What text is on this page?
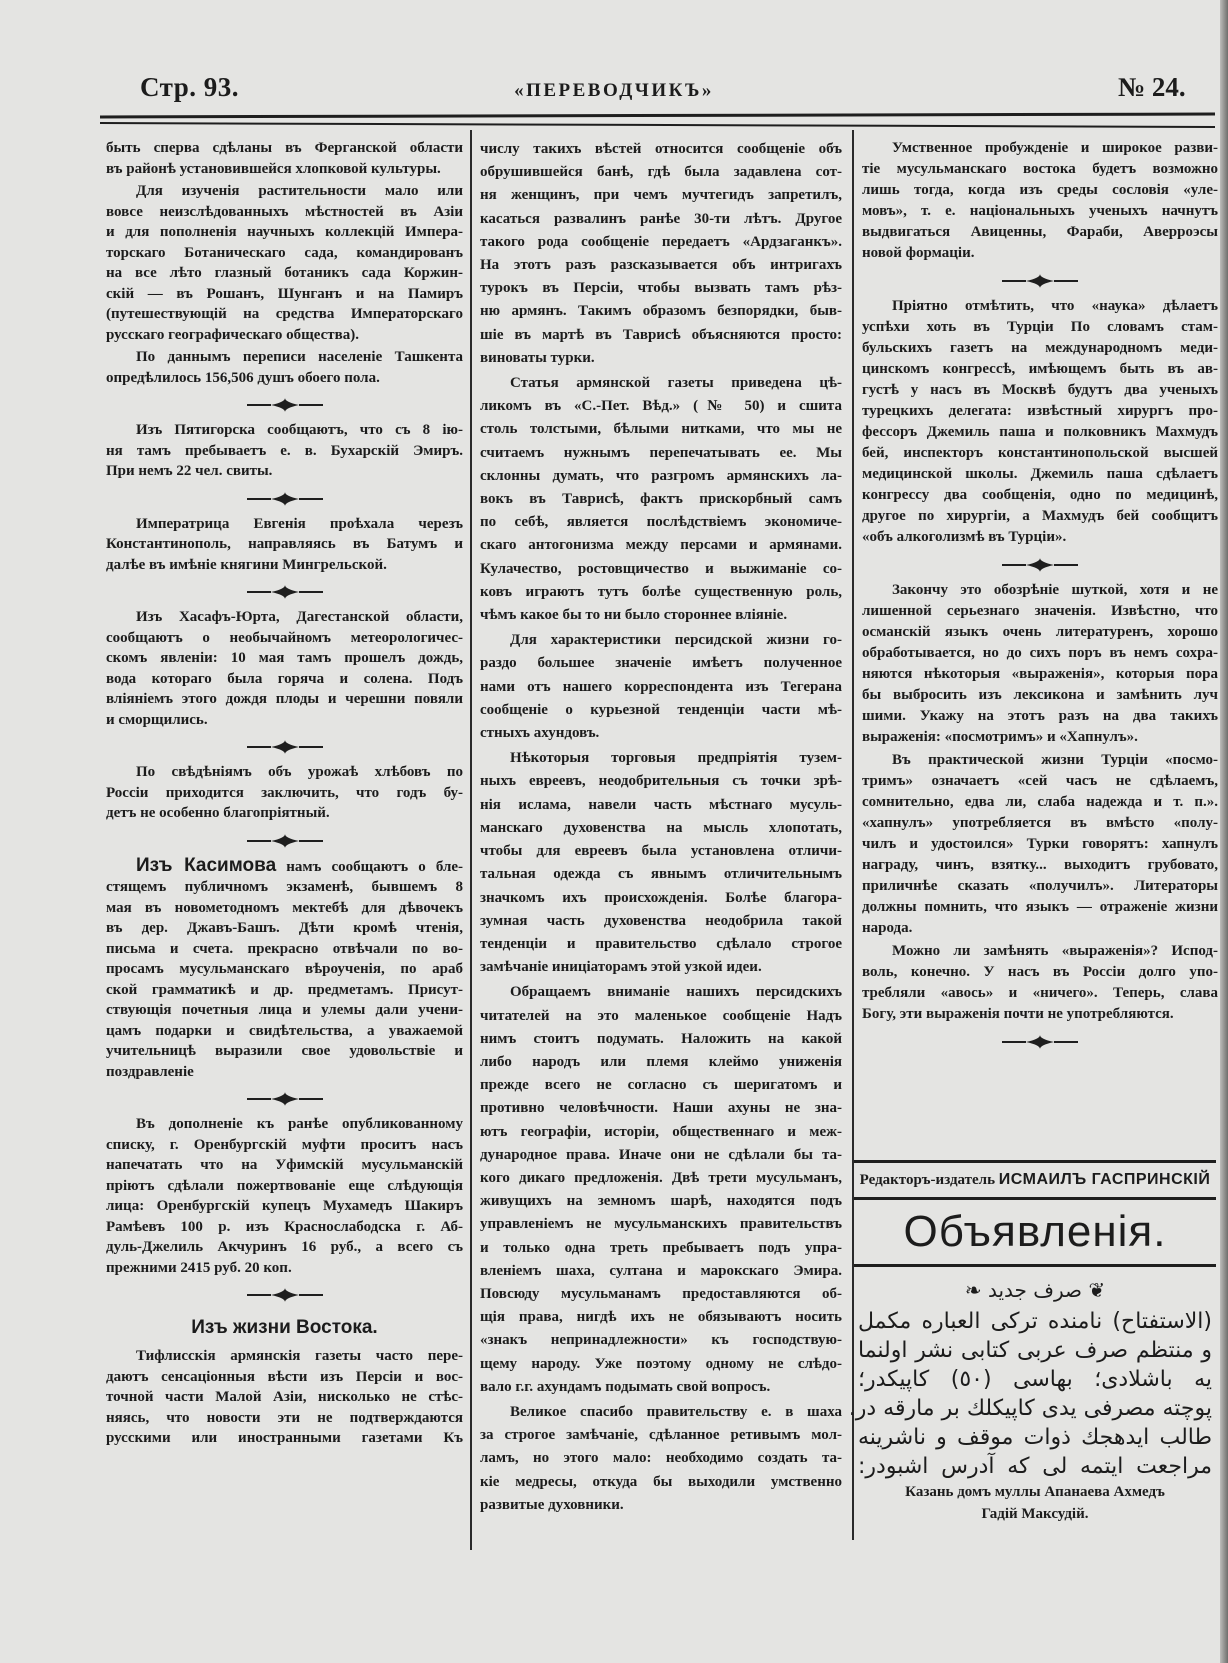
Стр. 93.	«ПЕРЕВОДЧИКЪ»	№ 24.
быть сперва сдѣланы въ Ферганской области
въ районѣ установившейся хлопковой культуры.
Для изученія растительности мало или
вовсе неизслѣдованныхъ мѣстностей въ Азіи
и для пополненія научныхъ коллекцій Импера-
торскаго Ботаническаго сада, командированъ
на все лѣто глазный ботаникъ сада Коржин-
скій — въ Рошанъ, Шунганъ и на Памиръ
(путешествующій на средства Императорскаго
русскаго географическаго общества).
По даннымъ переписи населеніе Ташкента
опредѣлилось 156,506 душъ обоего пола.
Изъ Пятигорска сообщаютъ, что съ 8 ію-
ня тамъ пребываетъ е. в. Бухарскій Эмиръ.
При немъ 22 чел. свиты.
Императрица Евгенія проѣхала черезъ
Константинополь, направляясь въ Батумъ и
далѣе въ имѣніе княгини Мингрельской.
Изъ Хасафъ-Юрта, Дагестанской области,
сообщаютъ о необычайномъ метеорологичес-
скомъ явленіи: 10 мая тамъ прошелъ дождь,
вода котораго была горяча и солена. Подъ
вліяніемъ этого дождя плоды и черешни повяли
и сморщились.
По свѣдѣніямъ объ урожаѣ хлѣбовъ по
Россіи приходится заключить, что годъ бу-
детъ не особенно благопріятный.
Изъ Касимова намъ сообщаютъ о бле-
стящемъ публичномъ экзаменѣ, бывшемъ 8
мая въ новометодномъ мектебѣ для дѣвочекъ
въ дер. Джавъ-Башъ. Дѣти кромѣ чтенія,
письма и счета. прекрасно отвѣчали по во-
просамъ мусульманскаго вѣроученія, по араб
ской грамматикѣ и др. предметамъ. Присут-
ствующія почетныя лица и улемы дали учени-
цамъ подарки и свидѣтельства, а уважаемой
учительницѣ выразили свое удовольствіе и
поздравленіе
Въ дополненіе къ ранѣе опубликованному
списку, г. Оренбургскій муфти проситъ насъ
напечатать что на Уфимскій мусульманскій
пріютъ сдѣлали пожертвованіе еще слѣдующія
лица: Оренбургскій купецъ Мухамедъ Шакиръ
Рамѣевъ 100 р. изъ Краснослабодска г. Аб-
дуль-Джелиль Акчуринъ 16 руб., а всего съ
прежними 2415 руб. 20 коп.
Изъ жизни Востока.
Тифлисскія армянскія газеты часто пере-
даютъ сенсаціонныя вѣсти изъ Персіи и вос-
точной части Малой Азіи, нисколько не стѣс-
няясь, что новости эти не подтверждаются
русскими или иностранными газетами Къ
числу такихъ вѣстей относится сообщеніе объ
обрушившейся банѣ, гдѣ была задавлена сот-
ня женщинъ, при чемъ мучтегидъ запретилъ,
касаться развалинъ ранѣе 30-ти лѣтъ. Другое
такого рода сообщеніе передаетъ «Ардзаганкъ».
На этотъ разъ разсказывается объ интригахъ
турокъ въ Персіи, чтобы вызвать тамъ рѣз-
ню армянъ. Такимъ образомъ безпорядки, быв-
шіе въ мартѣ въ Таврисѣ объясняются просто:
виноваты турки.
Статья армянской газеты приведена цѣ-
ликомъ въ «С.-Пет. Вѣд.» (№ 50) и сшита
столь толстыми, бѣлыми нитками, что мы не
считаемъ нужнымъ перепечатывать ее. Мы
склонны думать, что разгромъ армянскихъ ла-
вокъ въ Таврисѣ, фактъ прискорбный самъ
по себѣ, является послѣдствіемъ экономиче-
скаго антогонизма между персами и армянами.
Кулачество, ростовщичество и выжиманіе со-
ковъ играютъ тутъ болѣе существенную роль,
чѣмъ какое бы то ни было стороннее вліяніе.
Для характеристики персидской жизни го-
раздо большее значеніе имѣетъ полученное
нами отъ нашего корреспондента изъ Тегерана
сообщеніе о курьезной тенденціи части мѣ-
стныхъ ахундовъ.
Нѣкоторыя торговыя предпріятія тузем-
ныхъ евреевъ, неодобрительныя съ точки зрѣ-
нія ислама, навели часть мѣстнаго мусуль-
манскаго духовенства на мысль хлопотать,
чтобы для евреевъ была установлена отличи-
тальная одежда съ явнымъ отличительнымъ
значкомъ ихъ происхожденія. Болѣе благора-
зумная часть духовенства неодобрила такой
тенденціи и правительство сдѣлало строгое
замѣчаніе иниціаторамъ этой узкой идеи.
Обращаемъ вниманіе нашихъ персидскихъ
читателей на это маленькое сообщеніе Надъ
нимъ стоитъ подумать. Наложить на какой
либо народъ или племя клеймо униженія
прежде всего не согласно съ шеригатомъ и
противно человѣчности. Наши ахуны не зна-
ютъ географіи, исторіи, общественнаго и меж-
дународное права. Иначе они не сдѣлали бы та-
кого дикаго предложенія. Двѣ трети мусульманъ,
живущихъ на земномъ шарѣ, находятся подъ
управленіемъ не мусульманскихъ правительствъ
и только одна треть пребываетъ подъ упра-
вленіемъ шаха, султана и марокскаго Эмира.
Повсюду мусульманамъ предоставляются об-
щія права, нигдѣ ихъ не обязываютъ носить
«знакъ непринадлежности» къ господствую-
щему народу. Уже поэтому одному не слѣдо-
вало г.г. ахундамъ подымать свой вопросъ.
Великое спасибо правительству е. в шаха
за строгое замѣчаніе, сдѣланное ретивымъ мол-
ламъ, но этого мало: необходимо создать та-
кіе медресы, откуда бы выходили умственно
развитые духовники.
Умственное пробужденіе и широкое разви-
тіе мусульманскаго востока будетъ возможно
лишь тогда, когда изъ среды сословія «уле-
мовъ», т. е. національныхъ ученыхъ начнутъ
выдвигаться Авиценны, Фараби, Аверроэсы
новой формаціи.
Пріятно отмѣтить, что «наука» дѣлаетъ
успѣхи хоть въ Турціи По словамъ стам-
бульскихъ газетъ на международномъ меди-
цинскомъ конгрессѣ, имѣющемъ быть въ ав-
густѣ у насъ въ Москвѣ будутъ два ученыхъ
турецкихъ делегата: извѣстный хирургъ про-
фессоръ Джемиль паша и полковникъ Махмудъ
бей, инспекторъ константинопольской высшей
медицинской школы. Джемиль паша сдѣлаетъ
конгрессу два сообщенія, одно по медицинѣ,
другое по хирургіи, а Махмудъ бей сообщитъ
«объ алкоголизмѣ въ Турціи».
Закончу это обозрѣніе шуткой, хотя и не
лишенной серьезнаго значенія. Извѣстно, что
османскій языкъ очень литературенъ, хорошо
обработывается, но до сихъ поръ въ немъ сохра-
няются нѣкоторыя «выраженія», которыя пора
бы выбросить изъ лексикона и замѣнить луч
шими. Укажу на этотъ разъ на два такихъ
выраженія: «посмотримъ» и «Хапнулъ».
Въ практической жизни Турціи «посмо-
тримъ» означаетъ «сей часъ не сдѣлаемъ,
сомнительно, едва ли, слаба надежда и т. п.».
«хапнулъ» употребляется въ вмѣсто «полу-
чилъ и удостоился» Турки говорятъ: хапнулъ
награду, чинъ, взятку... выходитъ грубовато,
приличнѣе сказать «получилъ». Литераторы
должны помнить, что языкъ — отраженіе жизни
народа.
Можно ли замѣнять «выраженія»? Испод-
воль, конечно. У насъ въ Россіи долго упо-
требляли «авось» и «ничего». Теперь, слава
Богу, эти выраженія почти не употребляются.
Редакторъ-издатель ИСМАИЛЪ ГАСПРИНСКІЙ
Объявленія.
❦ صرف جديد ❧
(الاستفتاح) نامنده تركى العباره مكمل
و منتظم صرف عربى كتابى نشر اولنما
يه باشلادى؛ بهاسى (٥٠) كاپيكدر؛
پوچته مصرفى يدى كاپيكلك بر مارقه در.
طالب ايدهجك ذوات موقف و ناشرينه
مراجعت ايتمه لى كه آدرس اشبودر:
Казань домъ муллы Апанаева Ахмедъ
Гадій Максудій.
